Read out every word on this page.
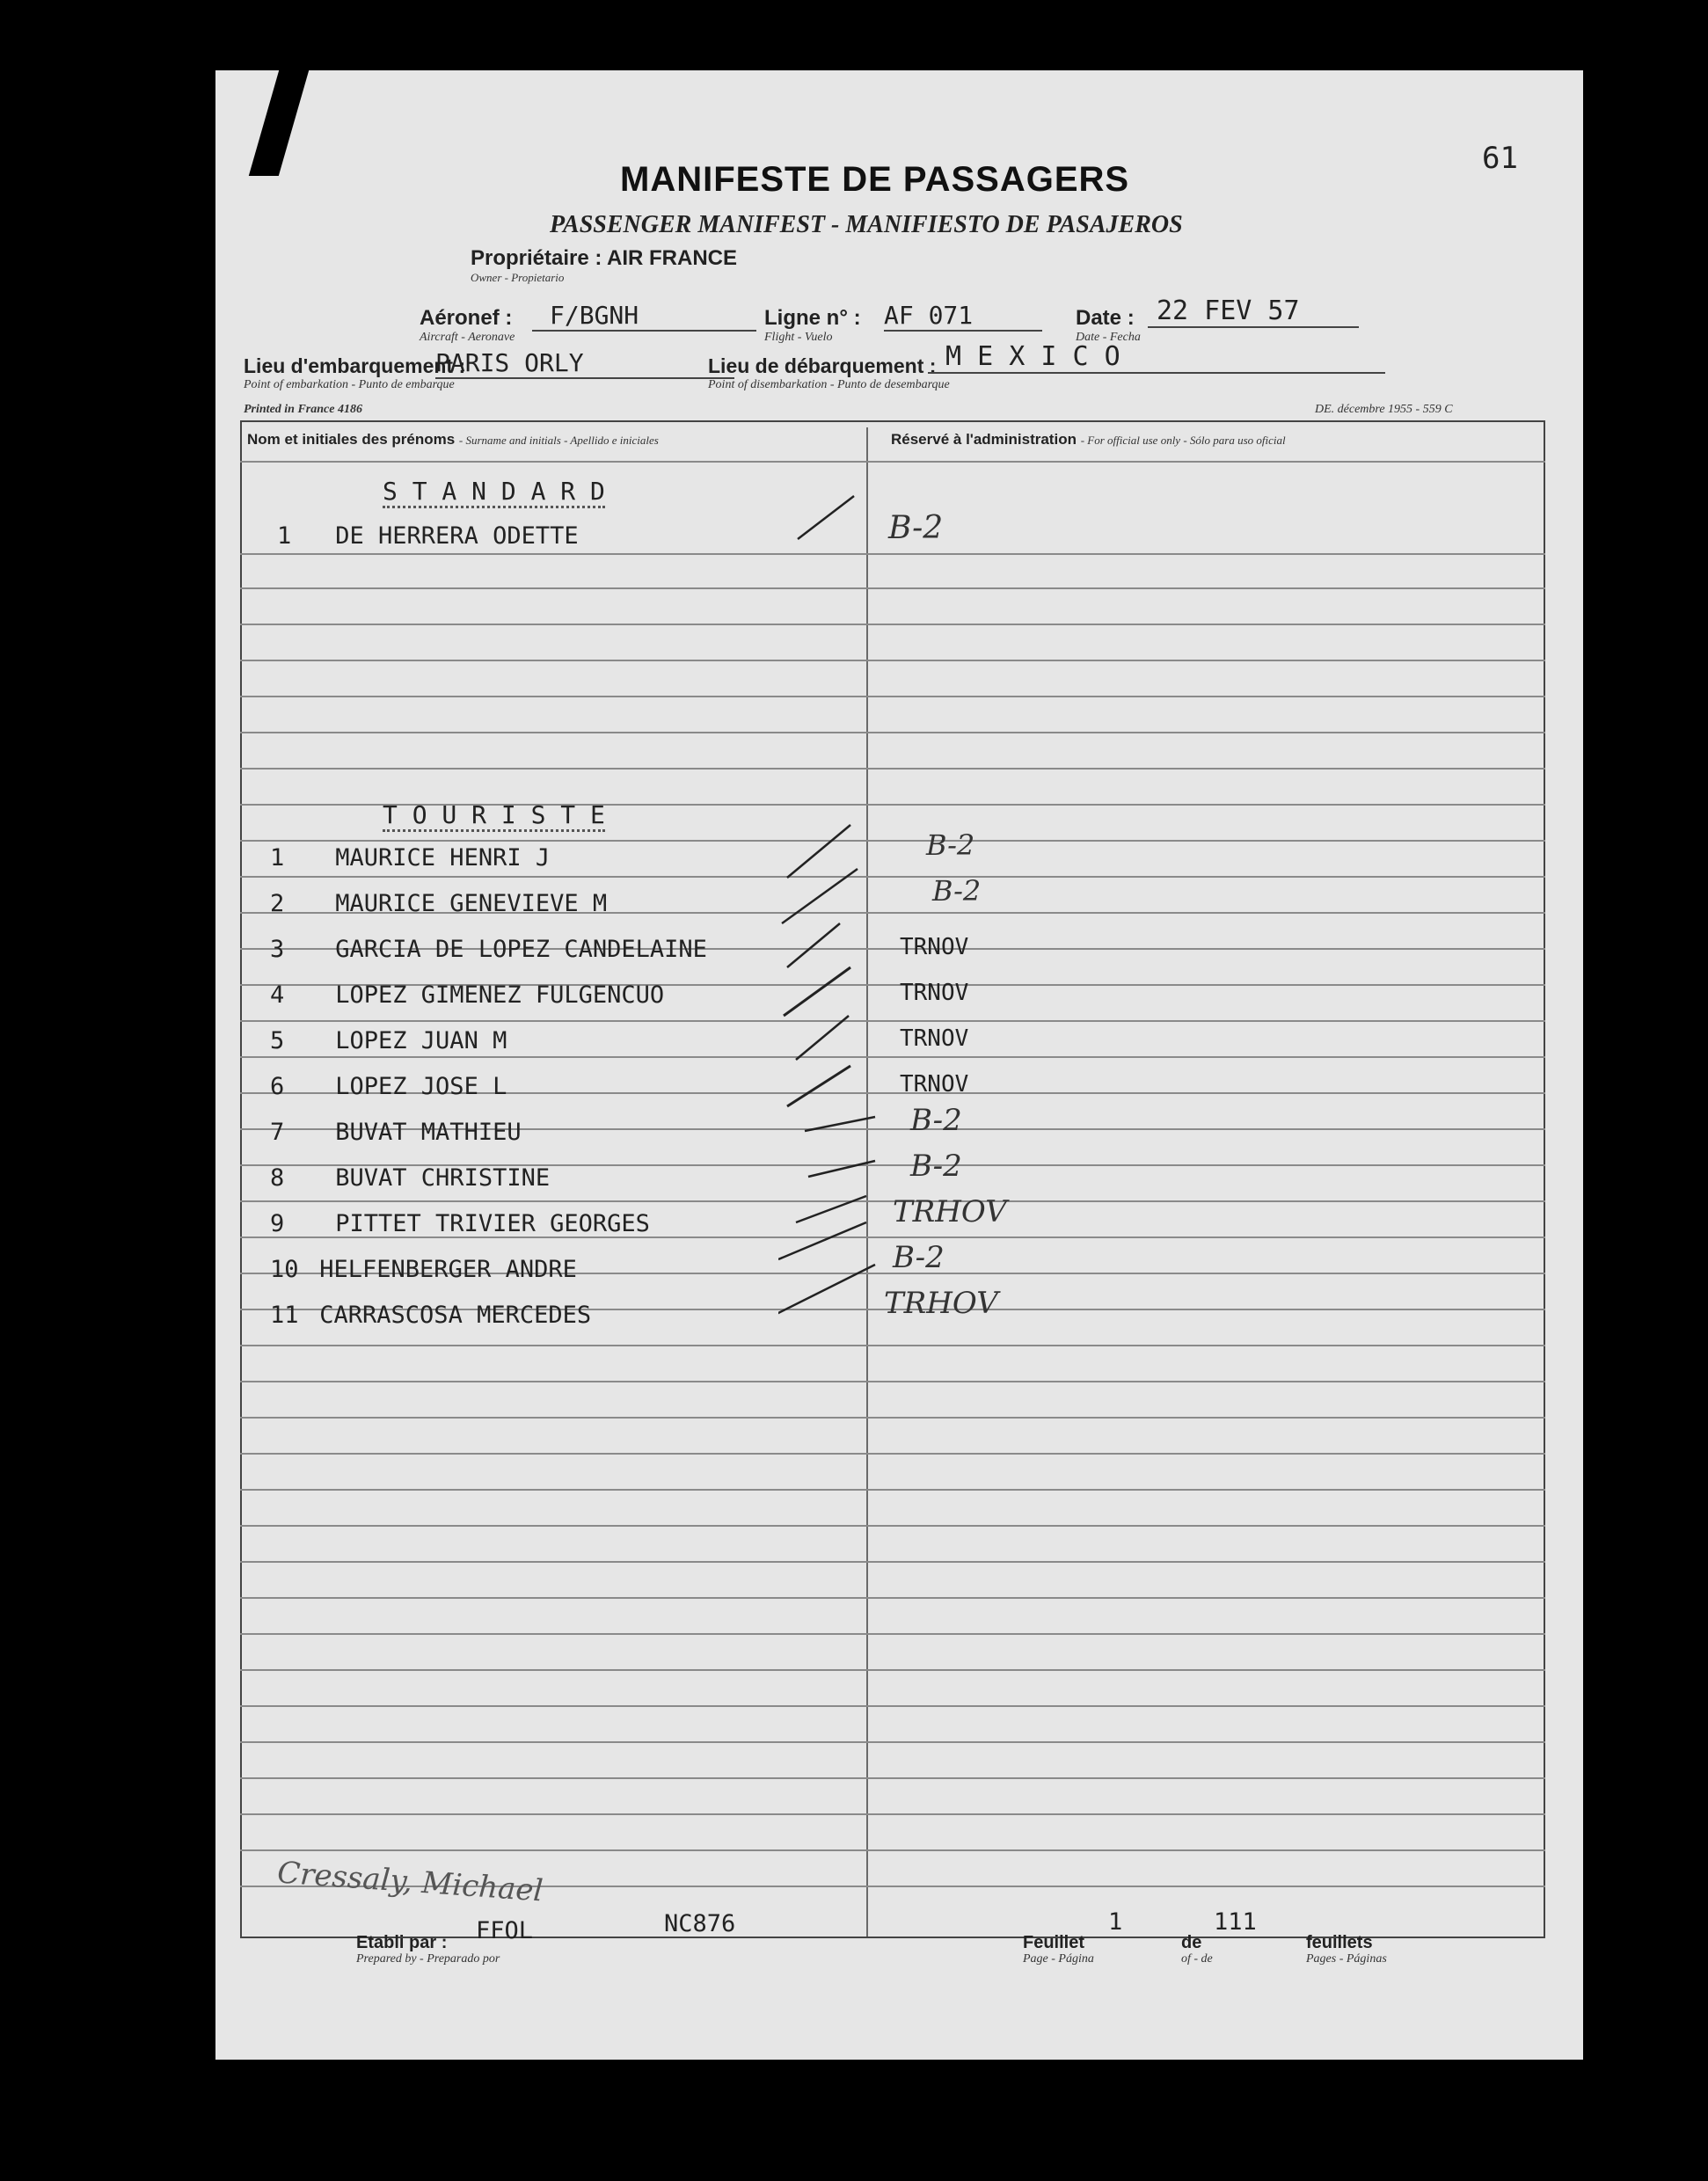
61
MANIFESTE DE PASSAGERS
PASSENGER MANIFEST - MANIFIESTO DE PASAJEROS
Propriétaire : AIR FRANCE
Owner - Propietario
Aéronef :
Aircraft - Aeronave
F/BGNH	Ligne n° :
Flight - Vuelo
AF 071	Date :
Date - Fecha
22 FEV 57
Lieu d'embarquement :
Point of embarkation - Punto de embarque
PARIS ORLY	Lieu de débarquement :
Point of disembarkation - Punto de desembarque
M E X I C O
Printed in France 4186	DE. décembre 1955 - 559 C
Nom et initiales des prénoms - Surname and initials - Apellido e iniciales	Réservé à l'administration - For official use only - Sólo para uso oficial
S T A N D A R D
T O U R I S T E
1 DE HERRERA ODETTE	B-2
1 MAURICE HENRI J	B-2
2 MAURICE GENEVIEVE M	B-2
3 GARCIA DE LOPEZ CANDELAINE	TRNOV
4 LOPEZ GIMENEZ FULGENCUO	TRNOV
5 LOPEZ JUAN M	TRNOV
6 LOPEZ JOSE L	TRNOV
7 BUVAT MATHIEU	B-2
8 BUVAT CHRISTINE	B-2
9 PITTET TRIVIER GEORGES	TRHOV
10 HELFENBERGER ANDRE	B-2
11 CARRASCOSA MERCEDES	TRHOV
Cressaly, Michael
Etabli par :
Prepared by - Preparado por
FFOL	NC876
Feuillet
Page - Página
1
de
of - de
111
feuillets
Pages - Páginas
